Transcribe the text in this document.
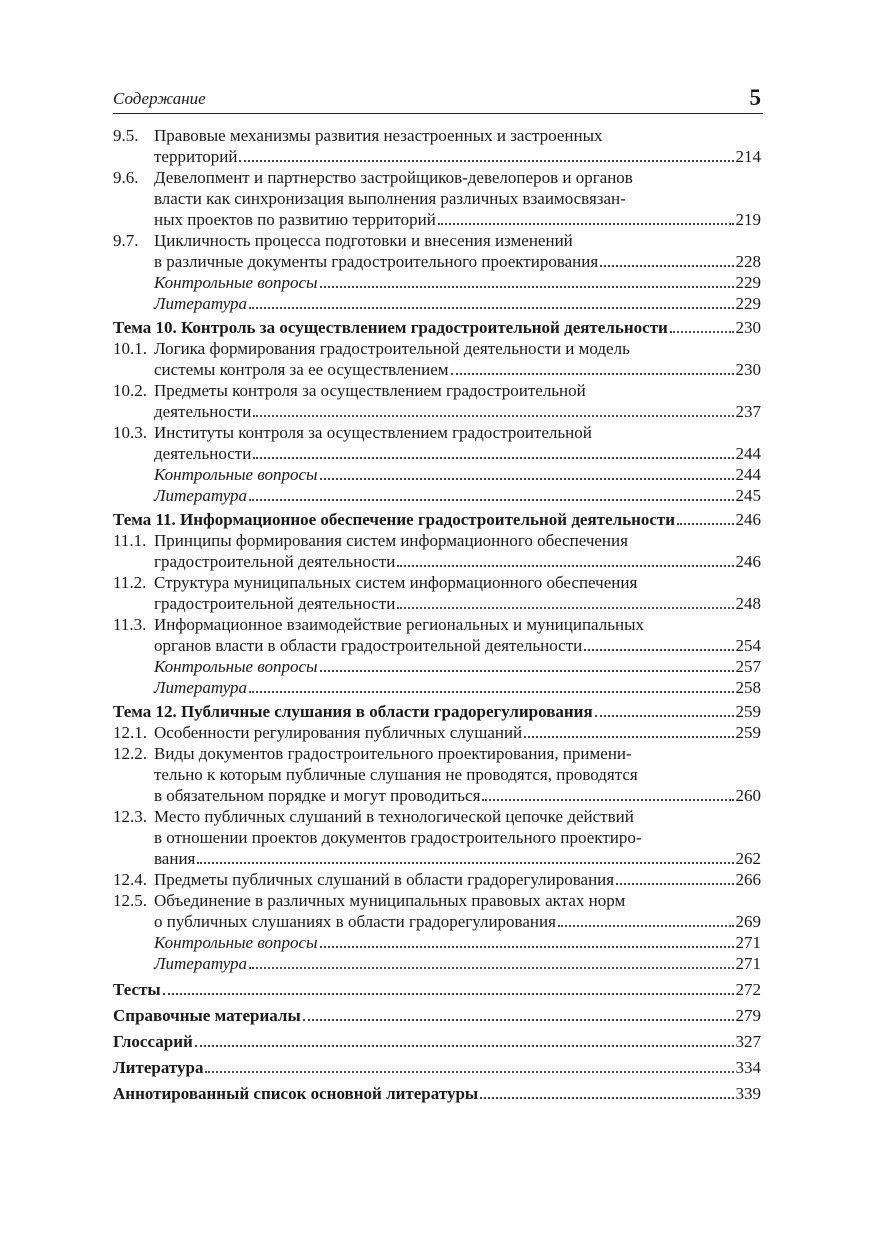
Содержание	5
9.5. Правовые механизмы развития незастроенных и застроенных
территорий	214
9.6. Девелопмент и партнерство застройщиков-девелоперов и органов
власти как синхронизация выполнения различных взаимосвязан-
ных проектов по развитию территорий	219
9.7. Цикличность процесса подготовки и внесения изменений
в различные документы градостроительного проектирования	228
Контрольные вопросы	229
Литература	229
Тема 10. Контроль за осуществлением градостроительной деятельности	230
10.1. Логика формирования градостроительной деятельности и модель
системы контроля за ее осуществлением	230
10.2. Предметы контроля за осуществлением градостроительной
деятельности	237
10.3. Институты контроля за осуществлением градостроительной
деятельности	244
Контрольные вопросы	244
Литература	245
Тема 11. Информационное обеспечение градостроительной деятельности	246
11.1. Принципы формирования систем информационного обеспечения
градостроительной деятельности	246
11.2. Структура муниципальных систем информационного обеспечения
градостроительной деятельности	248
11.3. Информационное взаимодействие региональных и муниципальных
органов власти в области градостроительной деятельности	254
Контрольные вопросы	257
Литература	258
Тема 12. Публичные слушания в области градорегулирования	259
12.1. Особенности регулирования публичных слушаний	259
12.2. Виды документов градостроительного проектирования, примени-
тельно к которым публичные слушания не проводятся, проводятся
в обязательном порядке и могут проводиться	260
12.3. Место публичных слушаний в технологической цепочке действий
в отношении проектов документов градостроительного проектиро-
вания	262
12.4. Предметы публичных слушаний в области градорегулирования	266
12.5. Объединение в различных муниципальных правовых актах норм
о публичных слушаниях в области градорегулирования	269
Контрольные вопросы	271
Литература	271
Тесты	272
Справочные материалы	279
Глоссарий	327
Литература	334
Аннотированный список основной литературы	339
